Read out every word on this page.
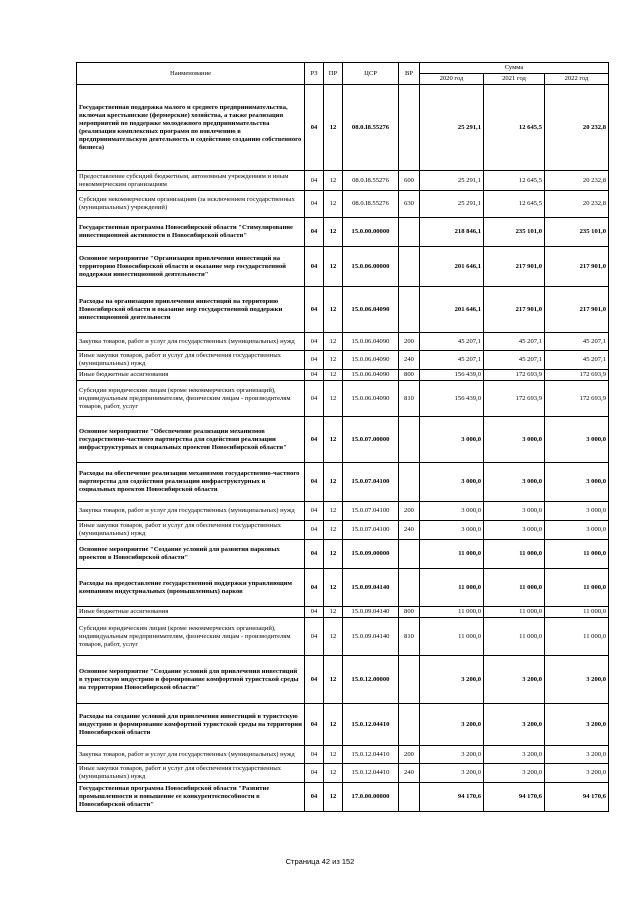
Наименование	РЗ	ПР	ЦСР	ВР	Сумма		
					2020 год	2021 год	2022 год
Государственная поддержка малого и среднего предпринимательства, включая крестьянские (фермерские) хозяйства, а также реализация мероприятий по поддержке молодежного предпринимательства (реализация комплексных программ по вовлечению в предпринимательскую деятельность и содействию созданию собственного бизнеса)	04	12	08.0.I8.55276		25 291,1	12 645,5	20 232,8
Предоставление субсидий бюджетным, автономным учреждениям и иным некоммерческим организациям	04	12	08.0.I8.55276	600	25 291,1	12 645,5	20 232,8
Субсидии некоммерческим организациям (за исключением государственных (муниципальных) учреждений)	04	12	08.0.I8.55276	630	25 291,1	12 645,5	20 232,8
Государственная программа Новосибирской области "Стимулирование инвестиционной активности в Новосибирской области"	04	12	15.0.00.00000		218 846,1	235 101,0	235 101,0
Основное мероприятие "Организация привлечения инвестиций на территорию Новосибирской области и оказание мер государственной поддержки инвестиционной деятельности"	04	12	15.0.06.00000		201 646,1	217 901,0	217 901,0
Расходы на организацию привлечения инвестиций на территорию Новосибирской области и оказание мер государственной поддержки инвестиционной деятельности	04	12	15.0.06.04090		201 646,1	217 901,0	217 901,0
Закупка товаров, работ и услуг для государственных (муниципальных) нужд	04	12	15.0.06.04090	200	45 207,1	45 207,1	45 207,1
Иные закупки товаров, работ и услуг для обеспечения государственных (муниципальных) нужд	04	12	15.0.06.04090	240	45 207,1	45 207,1	45 207,1
Иные бюджетные ассигнования	04	12	15.0.06.04090	800	156 439,0	172 693,9	172 693,9
Субсидии юридическим лицам (кроме некоммерческих организаций), индивидуальным предпринимателям, физическим лицам - производителям товаров, работ, услуг	04	12	15.0.06.04090	810	156 439,0	172 693,9	172 693,9
Основное мероприятие "Обеспечение реализации механизмов государственно-частного партнерства для содействия реализации инфраструктурных и социальных проектов Новосибирской области"	04	12	15.0.07.00000		3 000,0	3 000,0	3 000,0
Расходы на обеспечение реализации механизмов государственно-частного партнерства для содействия реализации инфраструктурных и социальных проектов Новосибирской области	04	12	15.0.07.04100		3 000,0	3 000,0	3 000,0
Закупка товаров, работ и услуг для государственных (муниципальных) нужд	04	12	15.0.07.04100	200	3 000,0	3 000,0	3 000,0
Иные закупки товаров, работ и услуг для обеспечения государственных (муниципальных) нужд	04	12	15.0.07.04100	240	3 000,0	3 000,0	3 000,0
Основное мероприятие "Создание условий для развития парковых проектов в Новосибирской области"	04	12	15.0.09.00000		11 000,0	11 000,0	11 000,0
Расходы на предоставление государственной поддержки управляющим компаниям индустриальных (промышленных) парков	04	12	15.0.09.04140		11 000,0	11 000,0	11 000,0
Иные бюджетные ассигнования	04	12	15.0.09.04140	800	11 000,0	11 000,0	11 000,0
Субсидии юридическим лицам (кроме некоммерческих организаций), индивидуальным предпринимателям, физическим лицам - производителям товаров, работ, услуг	04	12	15.0.09.04140	810	11 000,0	11 000,0	11 000,0
Основное мероприятие "Создание условий для привлечения инвестиций в туристскую индустрию и формирование комфортной туристской среды на территории Новосибирской области"	04	12	15.0.12.00000		3 200,0	3 200,0	3 200,0
Расходы на создание условий для привлечения инвестиций в туристскую индустрию и формирование комфортной туристской среды на территории Новосибирской области	04	12	15.0.12.04410		3 200,0	3 200,0	3 200,0
Закупка товаров, работ и услуг для государственных (муниципальных) нужд	04	12	15.0.12.04410	200	3 200,0	3 200,0	3 200,0
Иные закупки товаров, работ и услуг для обеспечения государственных (муниципальных) нужд	04	12	15.0.12.04410	240	3 200,0	3 200,0	3 200,0
Государственная программа Новосибирской области "Развитие промышленности и повышение ее конкурентоспособности в Новосибирской области"	04	12	17.0.00.00000		94 170,6	94 170,6	94 170,6
Страница 42 из 152
